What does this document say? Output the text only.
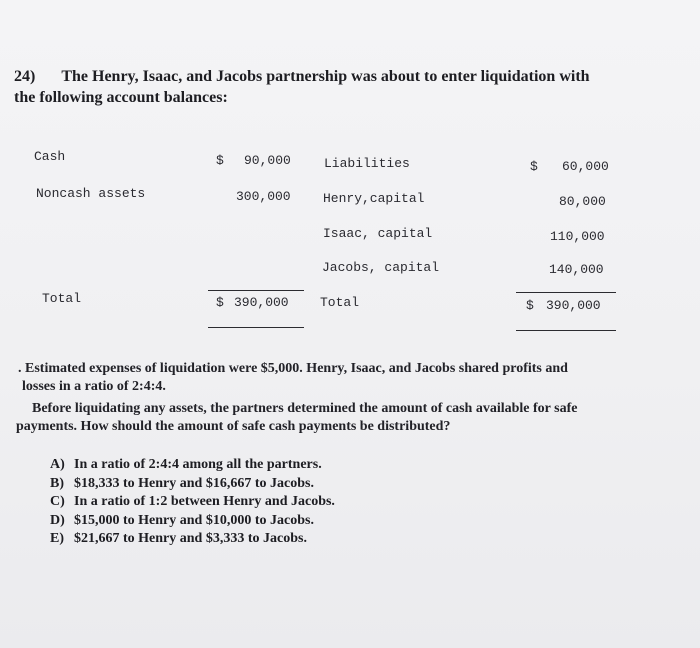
24) The Henry, Isaac, and Jacobs partnership was about to enter liquidation with the following account balances:
Cash	$ 90,000
Noncash assets	300,000
Total	$ 390,000
Liabilities	$ 60,000
Henry,capital	80,000
Isaac, capital	110,000
Jacobs, capital	140,000
Total	$ 390,000
. Estimated expenses of liquidation were $5,000. Henry, Isaac, and Jacobs shared profits and
losses in a ratio of 2:4:4.
Before liquidating any assets, the partners determined the amount of cash available for safe
payments. How should the amount of safe cash payments be distributed?
A) In a ratio of 2:4:4 among all the partners.
B) $18,333 to Henry and $16,667 to Jacobs.
C) In a ratio of 1:2 between Henry and Jacobs.
D) $15,000 to Henry and $10,000 to Jacobs.
E) $21,667 to Henry and $3,333 to Jacobs.
